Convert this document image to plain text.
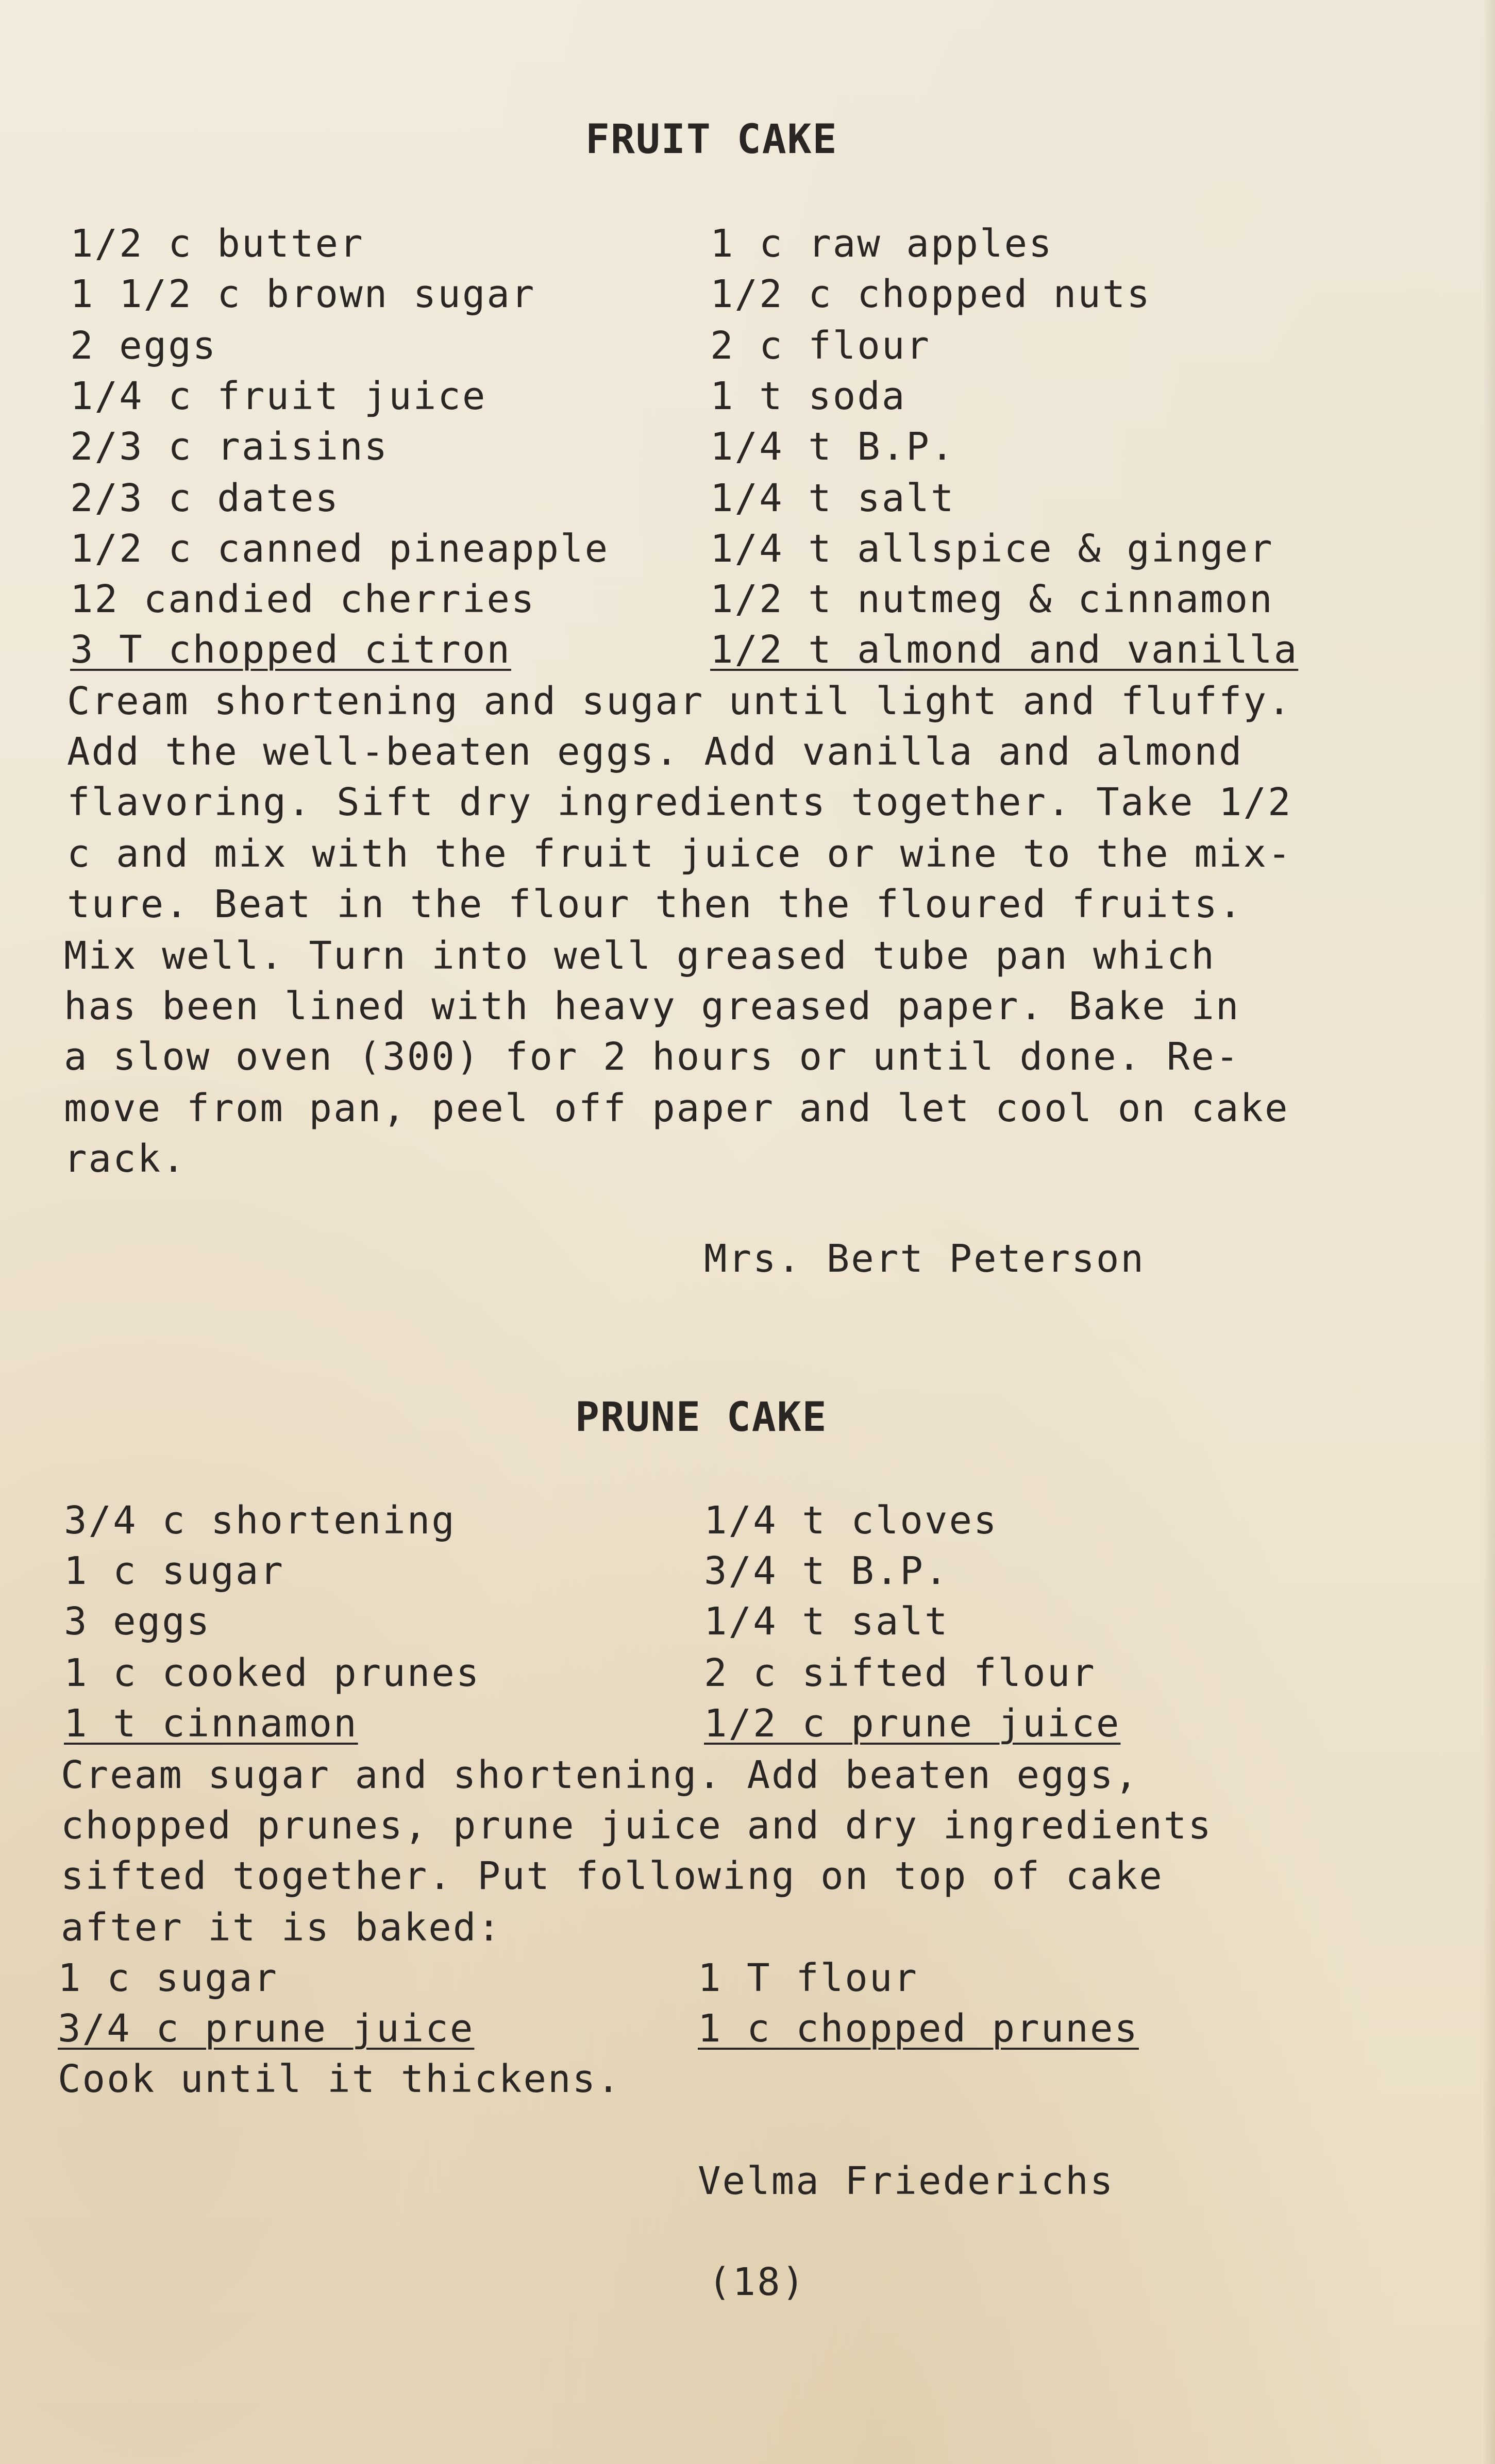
FRUIT CAKE
1/2 c butter
1 1/2 c brown sugar
2 eggs
1/4 c fruit juice
2/3 c raisins
2/3 c dates
1/2 c canned pineapple
12 candied cherries
3 T chopped citron
1 c raw apples
1/2 c chopped nuts
2 c flour
1 t soda
1/4 t B.P.
1/4 t salt
1/4 t allspice & ginger
1/2 t nutmeg & cinnamon
1/2 t almond and vanilla
Cream shortening and sugar until light and fluffy.
Add the well-beaten eggs. Add vanilla and almond
flavoring. Sift dry ingredients together. Take 1/2
c and mix with the fruit juice or wine to the mix-
ture. Beat in the flour then the floured fruits.
Mix well. Turn into well greased tube pan which
has been lined with heavy greased paper. Bake in
a slow oven (300) for 2 hours or until done. Re-
move from pan, peel off paper and let cool on cake
rack.
Mrs. Bert Peterson
PRUNE CAKE
3/4 c shortening
1 c sugar
3 eggs
1 c cooked prunes
1 t cinnamon
1/4 t cloves
3/4 t B.P.
1/4 t salt
2 c sifted flour
1/2 c prune juice
Cream sugar and shortening. Add beaten eggs,
chopped prunes, prune juice and dry ingredients
sifted together. Put following on top of cake
after it is baked:
1 c sugar
3/4 c prune juice
1 T flour
1 c chopped prunes
Cook until it thickens.
Velma Friederichs
(18)
